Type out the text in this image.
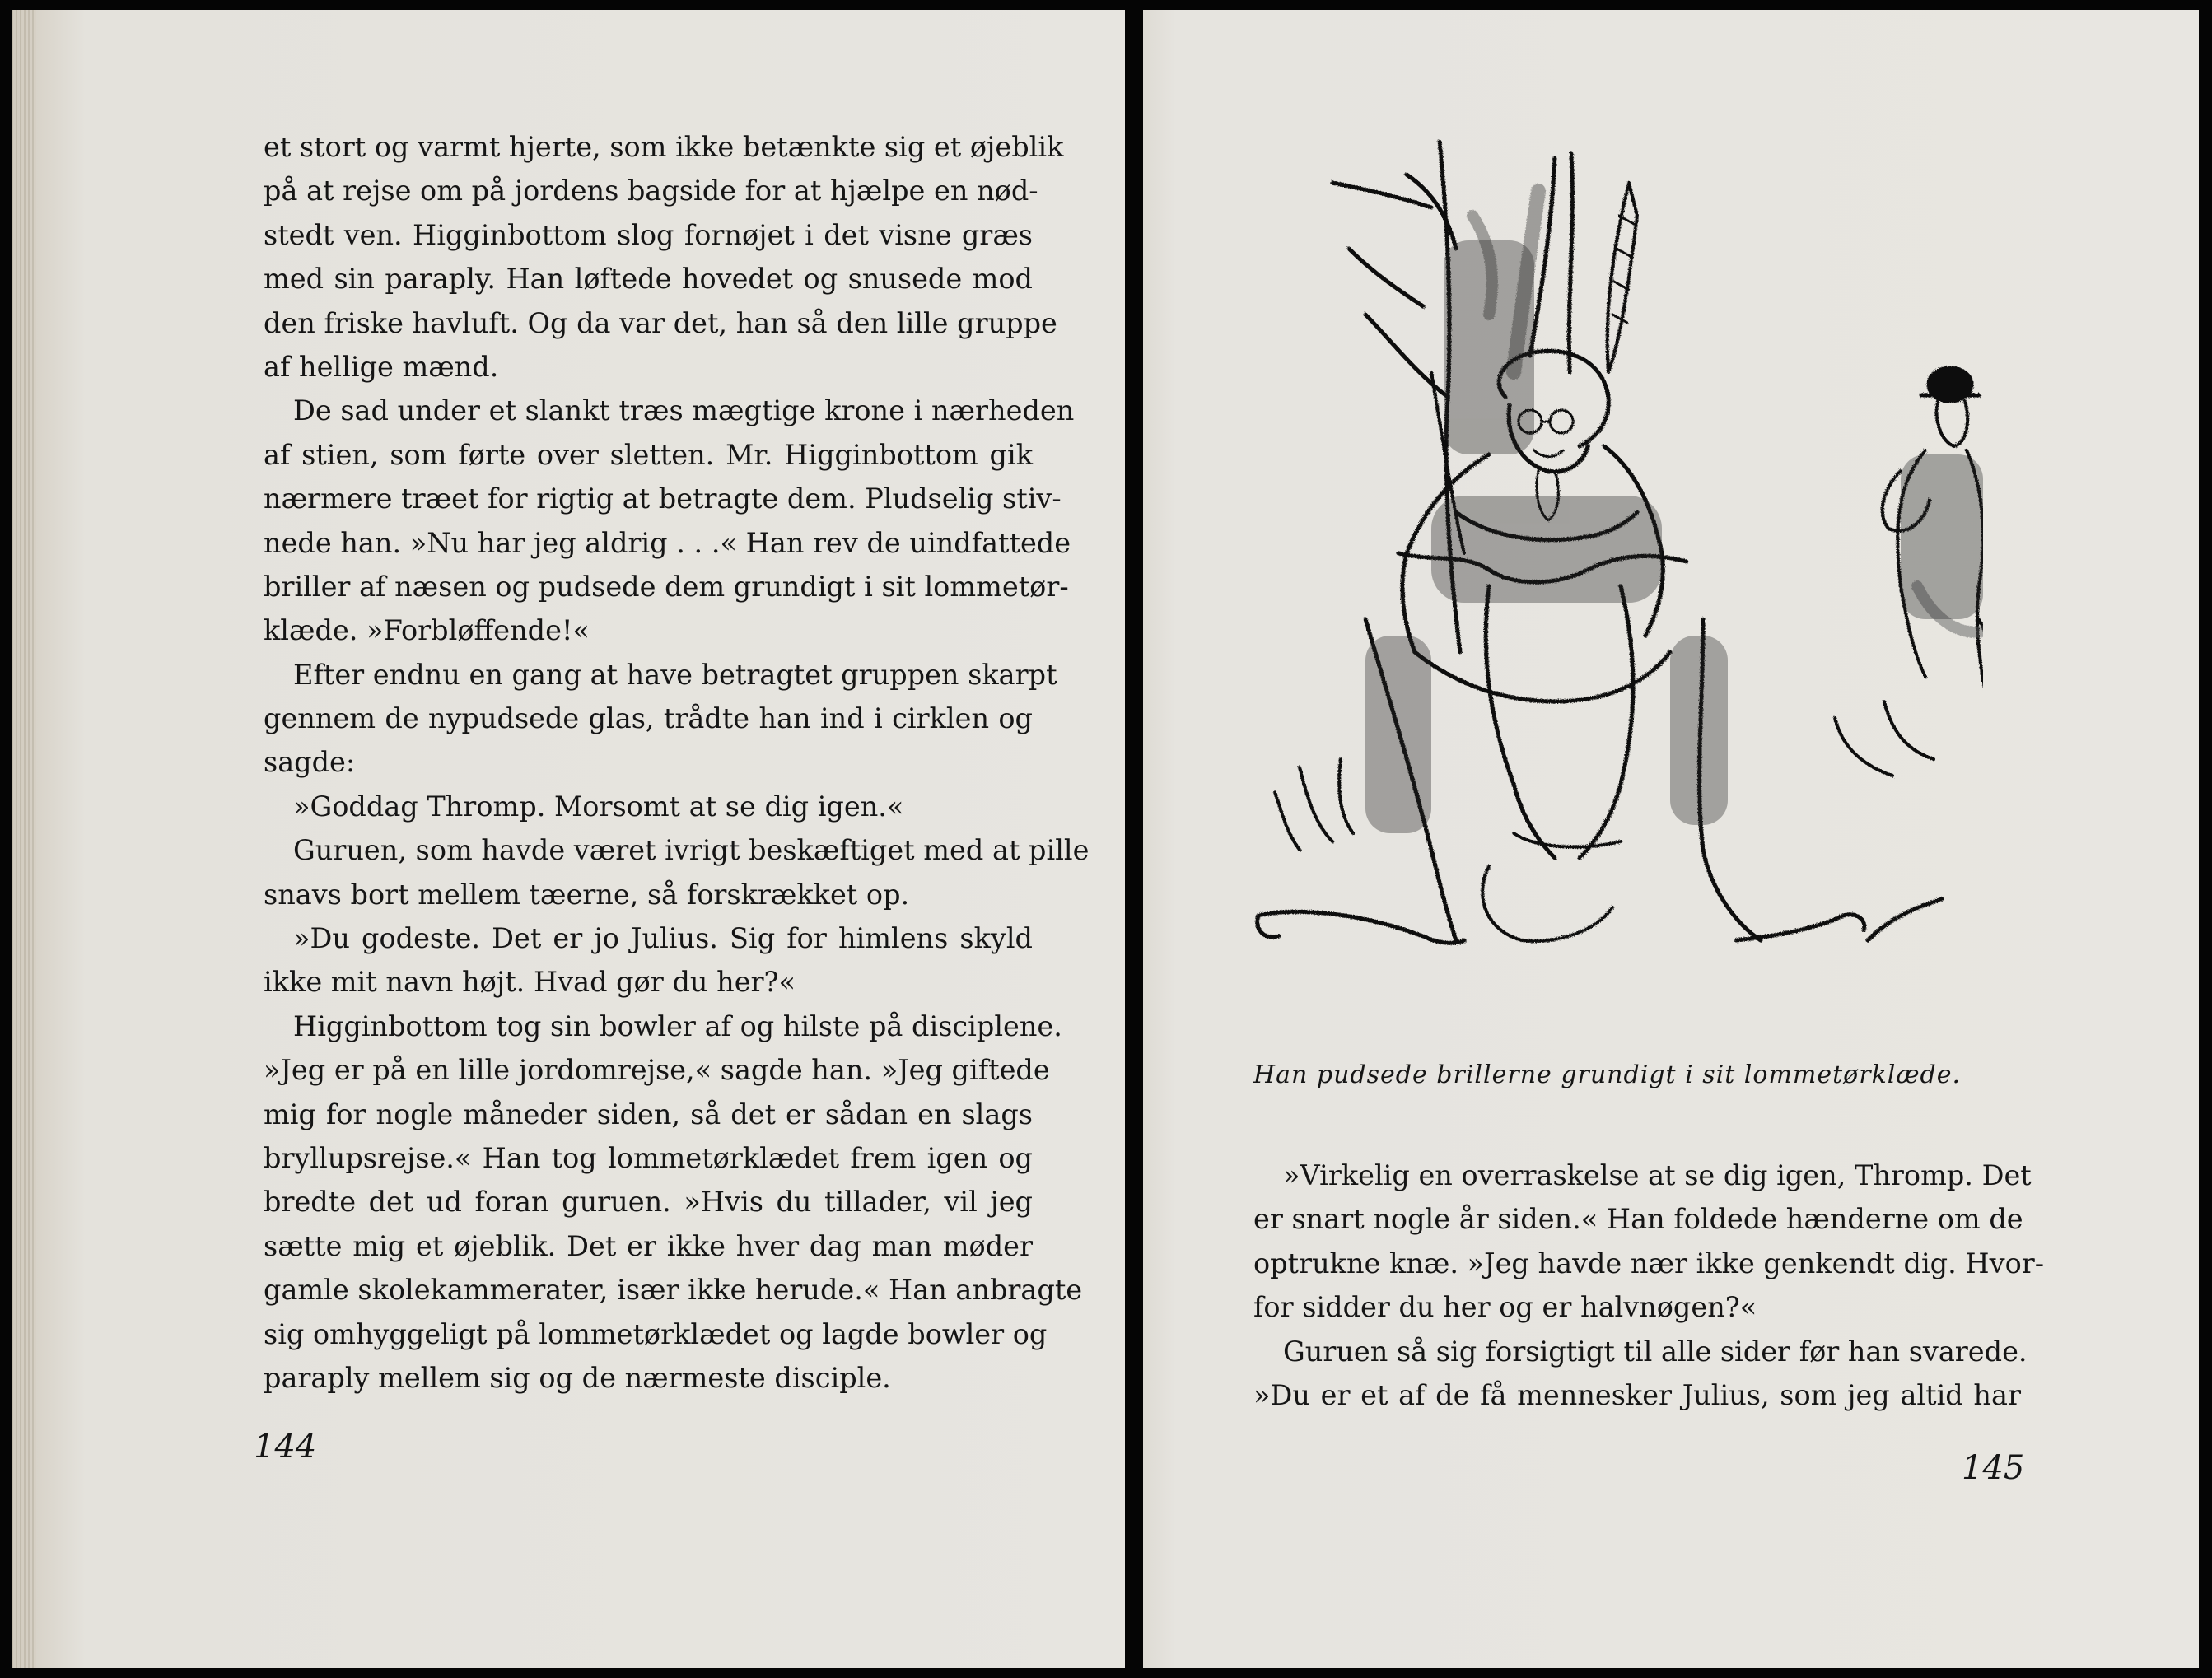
et stort og varmt hjerte, som ikke betænkte sig et øjeblik
på at rejse om på jordens bagside for at hjælpe en nød-
stedt ven. Higginbottom slog fornøjet i det visne græs
med sin paraply. Han løftede hovedet og snusede mod
den friske havluft. Og da var det, han så den lille gruppe
af hellige mænd.
De sad under et slankt træs mægtige krone i nærheden
af stien, som førte over sletten. Mr. Higginbottom gik
nærmere træet for rigtig at betragte dem. Pludselig stiv-
nede han. »Nu har jeg aldrig . . .« Han rev de uindfattede
briller af næsen og pudsede dem grundigt i sit lommetør-
klæde. »Forbløffende!«
Efter endnu en gang at have betragtet gruppen skarpt
gennem de nypudsede glas, trådte han ind i cirklen og
sagde:
»Goddag Thromp. Morsomt at se dig igen.«
Guruen, som havde været ivrigt beskæftiget med at pille
snavs bort mellem tæerne, så forskrækket op.
»Du godeste. Det er jo Julius. Sig for himlens skyld
ikke mit navn højt. Hvad gør du her?«
Higginbottom tog sin bowler af og hilste på disciplene.
»Jeg er på en lille jordomrejse,« sagde han. »Jeg giftede
mig for nogle måneder siden, så det er sådan en slags
bryllupsrejse.« Han tog lommetørklædet frem igen og
bredte det ud foran guruen. »Hvis du tillader, vil jeg
sætte mig et øjeblik. Det er ikke hver dag man møder
gamle skolekammerater, især ikke herude.« Han anbragte
sig omhyggeligt på lommetørklædet og lagde bowler og
paraply mellem sig og de nærmeste disciple.
144
Han pudsede brillerne grundigt i sit lommetørklæde.
»Virkelig en overraskelse at se dig igen, Thromp. Det
er snart nogle år siden.« Han foldede hænderne om de
optrukne knæ. »Jeg havde nær ikke genkendt dig. Hvor-
for sidder du her og er halvnøgen?«
Guruen så sig forsigtigt til alle sider før han svarede.
»Du er et af de få mennesker Julius, som jeg altid har
145
